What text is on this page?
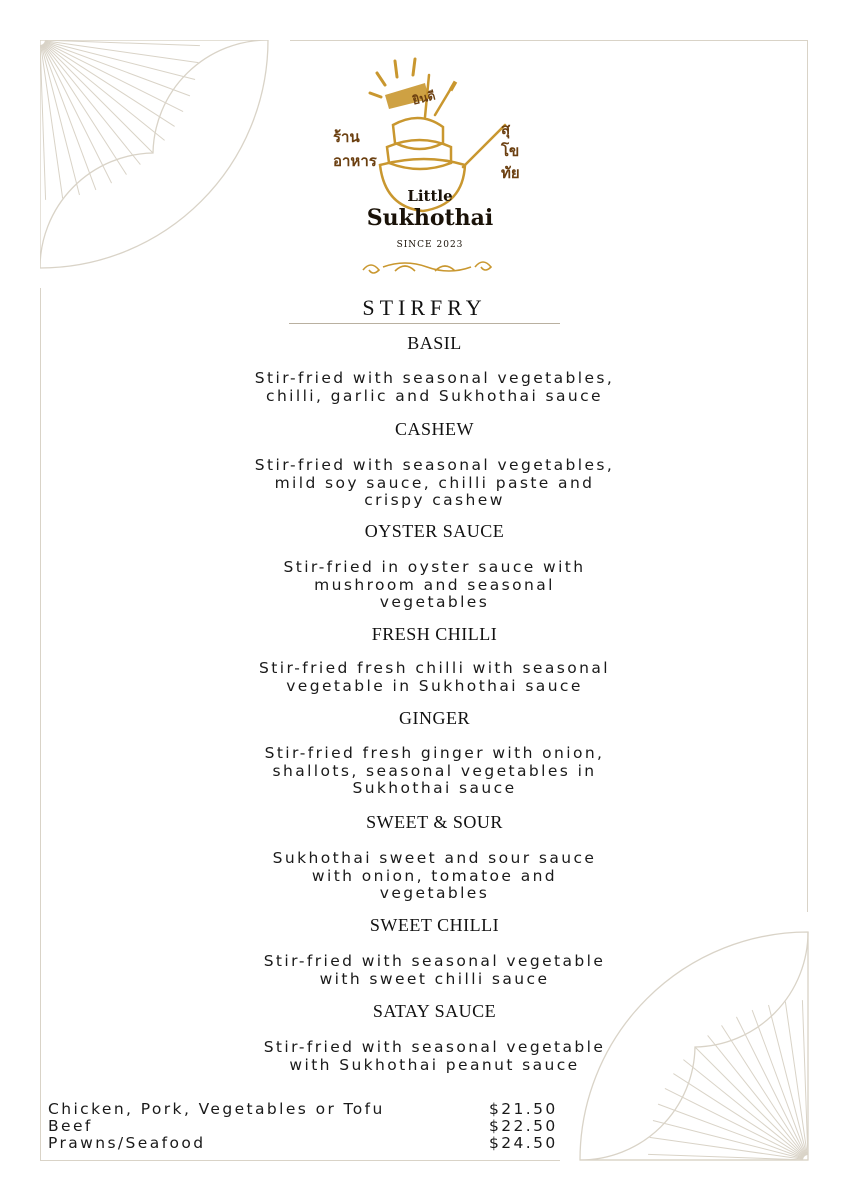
ยินดี
ร้าน
อาหาร
สุ
โข
ทัย
Little
Sukhothai
SINCE 2023
STIRFRY
BASIL
Stir-fried with seasonal vegetables,
chilli, garlic and Sukhothai sauce
CASHEW
Stir-fried with seasonal vegetables,
mild soy sauce, chilli paste and
crispy cashew
OYSTER SAUCE
Stir-fried in oyster sauce with
mushroom and seasonal
vegetables
FRESH CHILLI
Stir-fried fresh chilli with seasonal
vegetable in Sukhothai sauce
GINGER
Stir-fried fresh ginger with onion,
shallots, seasonal vegetables in
Sukhothai sauce
SWEET & SOUR
Sukhothai sweet and sour sauce
with onion, tomatoe and
vegetables
SWEET CHILLI
Stir-fried with seasonal vegetable
with sweet chilli sauce
SATAY SAUCE
Stir-fried with seasonal vegetable
with Sukhothai peanut sauce
Chicken, Pork, Vegetables or Tofu	$21.50
Beef	$22.50
Prawns/Seafood	$24.50
